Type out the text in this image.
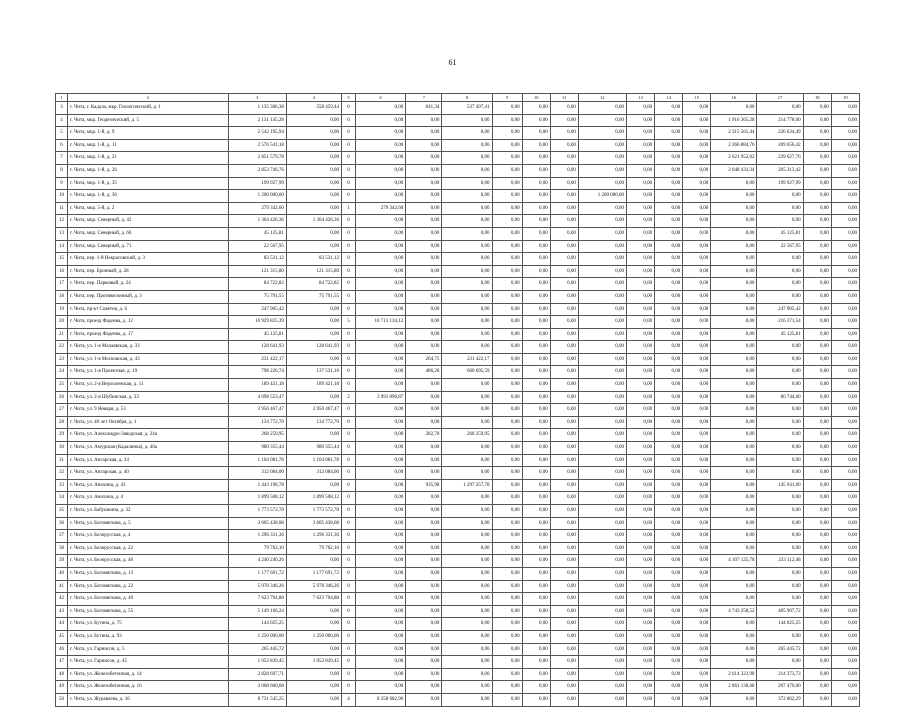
61
1	2	3	4	5	6	7	8	9	10	11	12	13	14	15	16	17	18	19
3	г. Чита, г. Кадала, мкр. Геологический, д. 1	1 135 306,38	558 459,44	0	0,00	641,34	537 497,41	0,00	0,00	0,00	0,00	0,00	0,00	0,00	0,00	0,00	0,00	0,00
4	г. Чита, мкр. Геодезический, д. 5	2 131 145,28	0,00	0	0,00	0,00	0,00	0,00	0,00	0,00	0,00	0,00	0,00	0,00	1 916 365,28	214 778,00	0,00	0,00
5	г. Чита, мкр. 1-й, д. 9	2 542 195,94	0,00	0	0,00	0,00	0,00	0,00	0,00	0,00	0,00	0,00	0,00	0,00	2 315 561,44	226 634,49	0,00	0,00
6	г. Чита, мкр. 1-й, д. 11	2 576 541,18	0,00	0	0,00	0,00	0,00	0,00	0,00	0,00	0,00	0,00	0,00	0,00	2 366 884,76	209 656,42	0,00	0,00
7	г. Чита, мкр. 1-й, д. 21	2 851 579,78	0,00	0	0,00	0,00	0,00	0,00	0,00	0,00	0,00	0,00	0,00	0,00	2 621 952,02	229 627,76	0,00	0,00
8	г. Чита, мкр. 1-й, д. 26	2 853 746,76	0,00	0	0,00	0,00	0,00	0,00	0,00	0,00	0,00	0,00	0,00	0,00	2 648 433,34	205 313,42	0,00	0,00
9	г. Чита, мкр. 1-й, д. 35	199 927,99	0,00	0	0,00	0,00	0,00	0,00	0,00	0,00	0,00	0,00	0,00	0,00	0,00	199 927,99	0,00	0,00
10	г. Чита, мкр. 1-й, д. 36	1 200 000,00	0,00	0	0,00	0,00	0,00	0,00	0,00	0,00	1 200 000,00	0,00	0,00	0,00	0,00	0,00	0,00	0,00
11	г. Чита, мкр. 5-й, д. 2	279 342,60	0,00	1	279 342,60	0,00	0,00	0,00	0,00	0,00	0,00	0,00	0,00	0,00	0,00	0,00	0,00	0,00
12	г. Чита, мкр. Северный, д. 42	1 364 426,36	1 364 426,36	0	0,00	0,00	0,00	0,00	0,00	0,00	0,00	0,00	0,00	0,00	0,00	0,00	0,00	0,00
13	г. Чита, мкр. Северный, д. 66	45 125,81	0,00	0	0,00	0,00	0,00	0,00	0,00	0,00	0,00	0,00	0,00	0,00	0,00	45 125,81	0,00	0,00
14	г. Чита, мкр. Северный, д. 71	22 567,95	0,00	0	0,00	0,00	0,00	0,00	0,00	0,00	0,00	0,00	0,00	0,00	0,00	22 567,95	0,00	0,00
15	г. Чита, пер. 1-й Некрасовский, д. 3	83 531,12	83 531,12	0	0,00	0,00	0,00	0,00	0,00	0,00	0,00	0,00	0,00	0,00	0,00	0,00	0,00	0,00
16	г. Чита, пер. Бронный, д. 28	121 315,80	121 315,80	0	0,00	0,00	0,00	0,00	0,00	0,00	0,00	0,00	0,00	0,00	0,00	0,00	0,00	0,00
17	г. Чита, пер. Парковый, д. 24	84 722,82	84 722,82	0	0,00	0,00	0,00	0,00	0,00	0,00	0,00	0,00	0,00	0,00	0,00	0,00	0,00	0,00
18	г. Чита, пер. Протяжелонный, д. 3	75 791,55	75 791,55	0	0,00	0,00	0,00	0,00	0,00	0,00	0,00	0,00	0,00	0,00	0,00	0,00	0,00	0,00
19	г. Чита, пр-кт Советов, д. 6	247 905,42	0,00	0	0,00	0,00	0,00	0,00	0,00	0,00	0,00	0,00	0,00	0,00	0,00	247 905,42	0,00	0,00
20	г. Чита, проезд Фадеева, д. 12	10 929 825,39	0,00	5	10 713 134,12	0,00	0,00	0,00	0,00	0,00	0,00	0,00	0,00	0,00	0,00	216 371,54	0,00	0,00
21	г. Чита, проезд Фадеева, д. 17	45 125,81	0,00	0	0,00	0,00	0,00	0,00	0,00	0,00	0,00	0,00	0,00	0,00	0,00	45 125,81	0,00	0,00
22	г. Чита, ул. 1-я Малаявская, д. 33	128 641,93	128 641,93	0	0,00	0,00	0,00	0,00	0,00	0,00	0,00	0,00	0,00	0,00	0,00	0,00	0,00	0,00
23	г. Чита, ул. 1-я Московская, д. 43	231 422,17	0,00	0	0,00	264,75	231 422,17	0,00	0,00	0,00	0,00	0,00	0,00	0,00	0,00	0,00	0,00	0,00
24	г. Чита, ул. 1-я Проектная, д. 19	798 226,74	137 531,16	0	0,00	486,26	660 695,59	0,00	0,00	0,00	0,00	0,00	0,00	0,00	0,00	0,00	0,00	0,00
25	г. Чита, ул. 2-я Верхоленская, д. 11	189 421,18	189 421,18	0	0,00	0,00	0,00	0,00	0,00	0,00	0,00	0,00	0,00	0,00	0,00	0,00	0,00	0,00
26	г. Чита, ул. 2-я Шубинская, д. 33	4 098 553,47	0,00	2	3 991 896,87	0,00	0,00	0,00	0,00	0,00	0,00	0,00	0,00	0,00	0,00	86 744,60	0,00	0,00
27	г. Чита, ул. 9 Января, д. 53	3 950 467,47	3 950 467,47	0	0,00	0,00	0,00	0,00	0,00	0,00	0,00	0,00	0,00	0,00	0,00	0,00	0,00	0,00
28	г. Чита, ул. 40 лет Октября, д. 1	134 772,76	134 772,76	0	0,00	0,00	0,00	0,00	0,00	0,00	0,00	0,00	0,00	0,00	0,00	0,00	0,00	0,00
29	г. Чита, ул. Александро-Заводская, д. 24а	268 259,95	0,00	0	0,00	282,70	268 259,95	0,00	0,00	0,00	0,00	0,00	0,00	0,00	0,00	0,00	0,00	0,00
30	г. Чита, ул. Амурская (Кадалинка), д. 46а	980 355,44	980 355,44	0	0,00	0,00	0,00	0,00	0,00	0,00	0,00	0,00	0,00	0,00	0,00	0,00	0,00	0,00
31	г. Чита, ул. Ангарская, д. 34	1 104 081,78	1 104 081,78	0	0,00	0,00	0,00	0,00	0,00	0,00	0,00	0,00	0,00	0,00	0,00	0,00	0,00	0,00
32	г. Чита, ул. Ангарская, д. 40	312 084,00	312 084,00	0	0,00	0,00	0,00	0,00	0,00	0,00	0,00	0,00	0,00	0,00	0,00	0,00	0,00	0,00
33	г. Чита, ул. Анохина, д. 43	1 443 198,78	0,00	0	0,00	935,98	1 297 257,78	0,00	0,00	0,00	0,00	0,00	0,00	0,00	0,00	145 941,00	0,00	0,00
34	г. Чита, ул. Анохина, д. 4	1 899 508,12	1 899 508,12	0	0,00	0,00	0,00	0,00	0,00	0,00	0,00	0,00	0,00	0,00	0,00	0,00	0,00	0,00
35	г. Чита, ул. Бабушкина, д. 32	1 773 572,78	1 773 572,78	0	0,00	0,00	0,00	0,00	0,00	0,00	0,00	0,00	0,00	0,00	0,00	0,00	0,00	0,00
36	г. Чита, ул. Богомягкова, д. 5	3 605 438,08	3 605 438,08	0	0,00	0,00	0,00	0,00	0,00	0,00	0,00	0,00	0,00	0,00	0,00	0,00	0,00	0,00
37	г. Чита, ул. Белорусская, д. 4	1 296 331,36	1 296 331,36	0	0,00	0,00	0,00	0,00	0,00	0,00	0,00	0,00	0,00	0,00	0,00	0,00	0,00	0,00
38	г. Чита, ул. Белорусская, д. 22	79 762,10	79 762,10	0	0,00	0,00	0,00	0,00	0,00	0,00	0,00	0,00	0,00	0,00	0,00	0,00	0,00	0,00
39	г. Чита, ул. Белорусская, д. 48	4 240 240,26	0,00	0	0,00	0,00	0,00	0,00	0,00	0,00	0,00	0,00	0,00	0,00	4 107 125,78	233 112,48	0,00	0,00
40	г. Чита, ул. Богомягкова, д. 13	1 177 691,72	1 177 691,72	0	0,00	0,00	0,00	0,00	0,00	0,00	0,00	0,00	0,00	0,00	0,00	0,00	0,00	0,00
41	г. Чита, ул. Богомягкова, д. 22	5 978 346,26	5 978 346,26	0	0,00	0,00	0,00	0,00	0,00	0,00	0,00	0,00	0,00	0,00	0,00	0,00	0,00	0,00
42	г. Чита, ул. Богомягкова, д. 49	7 623 794,88	7 623 794,88	0	0,00	0,00	0,00	0,00	0,00	0,00	0,00	0,00	0,00	0,00	0,00	0,00	0,00	0,00
43	г. Чита, ул. Богомягкова, д. 55	5 149 166,24	0,00	0	0,00	0,00	0,00	0,00	0,00	0,00	0,00	0,00	0,00	0,00	4 743 258,52	405 907,72	0,00	0,00
44	г. Чита, ул. Бутина, д. 75	144 025,25	0,00	0	0,00	0,00	0,00	0,00	0,00	0,00	0,00	0,00	0,00	0,00	0,00	144 025,25	0,00	0,00
45	г. Чита, ул. Бутина, д. 93	1 250 000,00	1 250 000,00	0	0,00	0,00	0,00	0,00	0,00	0,00	0,00	0,00	0,00	0,00	0,00	0,00	0,00	0,00
46	г. Чита, ул. Гарнисон, д. 5	265 445,72	0,00	0	0,00	0,00	0,00	0,00	0,00	0,00	0,00	0,00	0,00	0,00	0,00	265 445,72	0,00	0,00
47	г. Чита, ул. Гарнисон, д. 45	1 052 839,45	1 052 839,45	0	0,00	0,00	0,00	0,00	0,00	0,00	0,00	0,00	0,00	0,00	0,00	0,00	0,00	0,00
48	г. Чита, ул. Железобетонная, д. 14	2 828 697,71	0,00	0	0,00	0,00	0,00	0,00	0,00	0,00	0,00	0,00	0,00	0,00	2 614 323,98	214 373,73	0,00	0,00
49	г. Чита, ул. Железобетонная, д. 16	3 068 600,68	0,00	0	0,00	0,00	0,00	0,00	0,00	0,00	0,00	0,00	0,00	0,00	2 861 130,68	207 470,00	0,00	0,00
50	г. Чита, ул. Журавлева, д. 16	8 731 545,25	0,00	4	8 358 682,96	0,00	0,00	0,00	0,00	0,00	0,00	0,00	0,00	0,00	0,00	372 862,29	0,00	0,00
